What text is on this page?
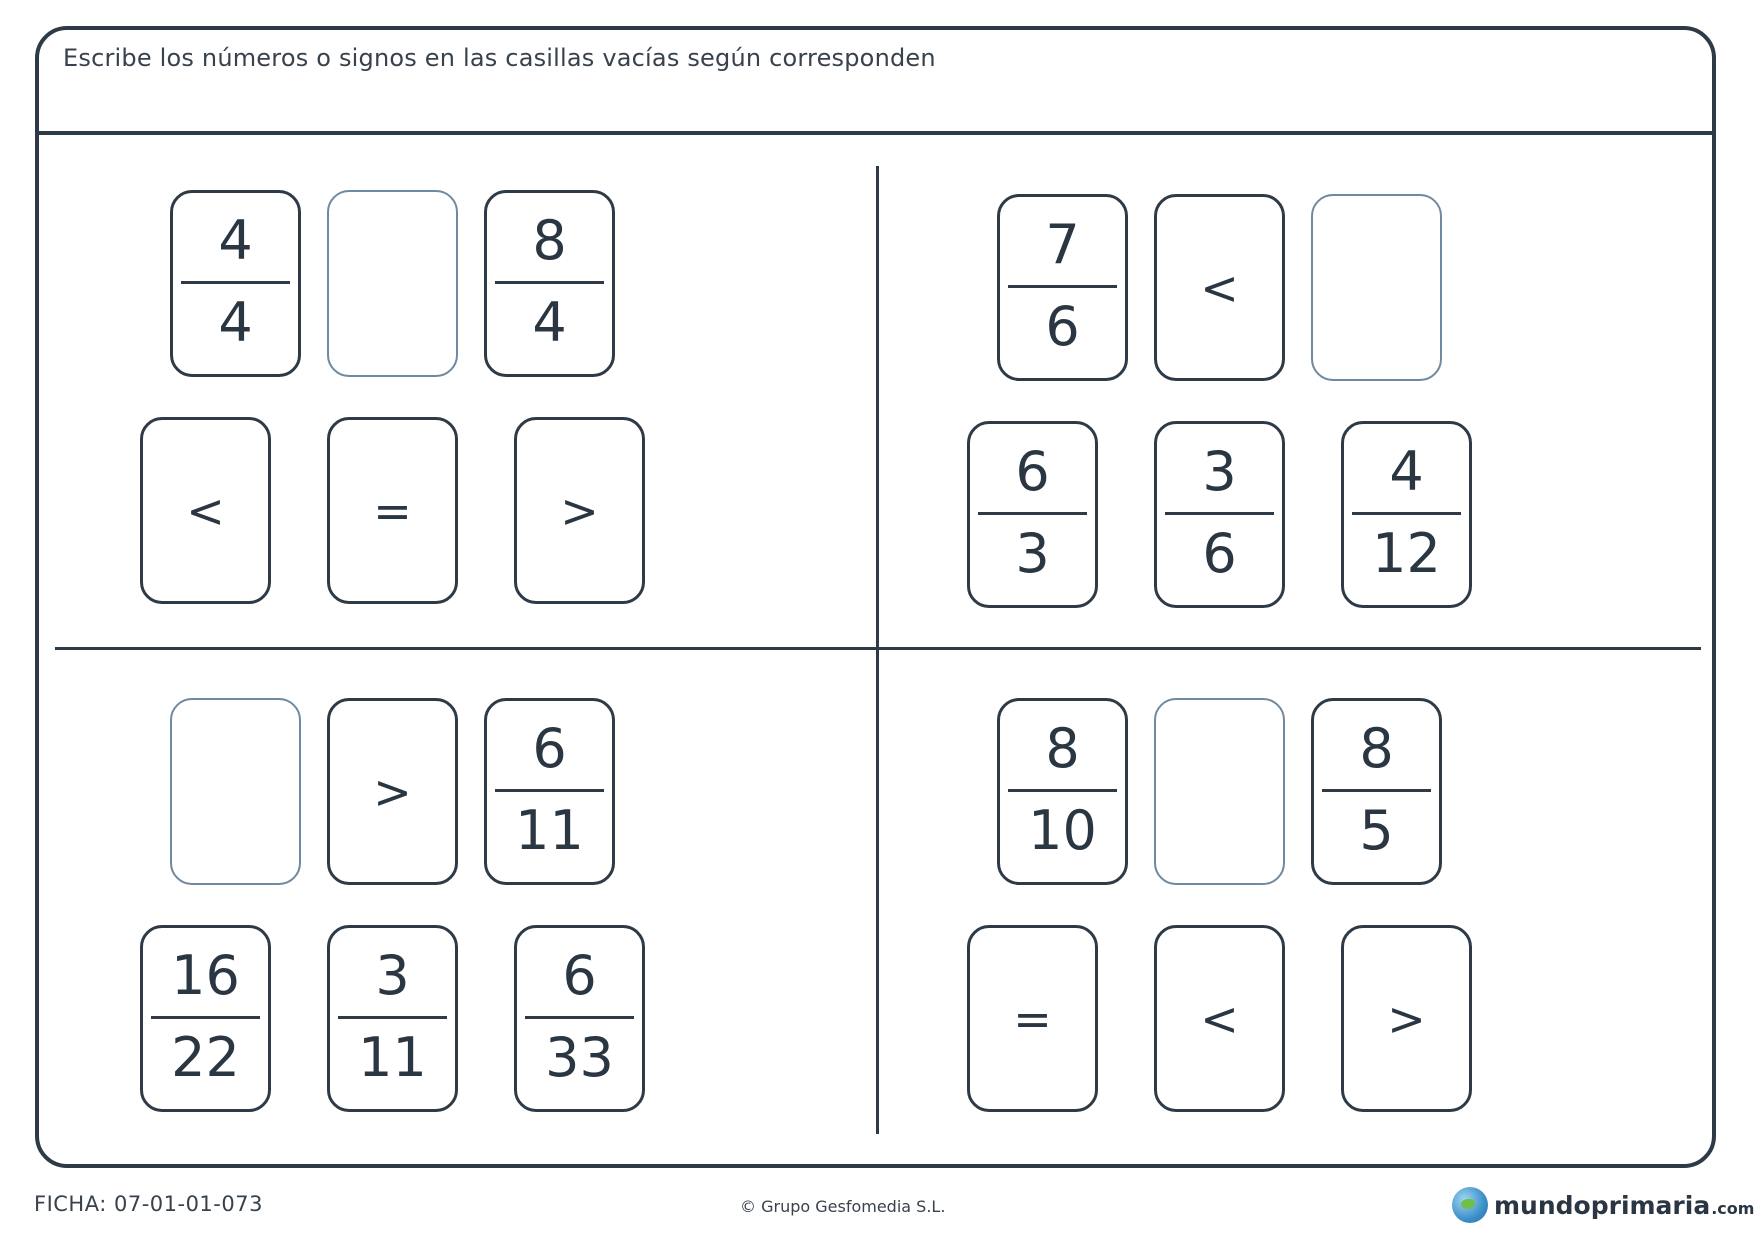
Escribe los números o signos en las casillas vacías según corresponden
4
4
8
4
<	=	>
7
6
<
6
3
3
6
4
12
>
6
11
16
22
3
11
6
33
8
10
8
5
=	<	>
FICHA: 07-01-01-073	© Grupo Gesfomedia S.L.	mundoprimaria .com
